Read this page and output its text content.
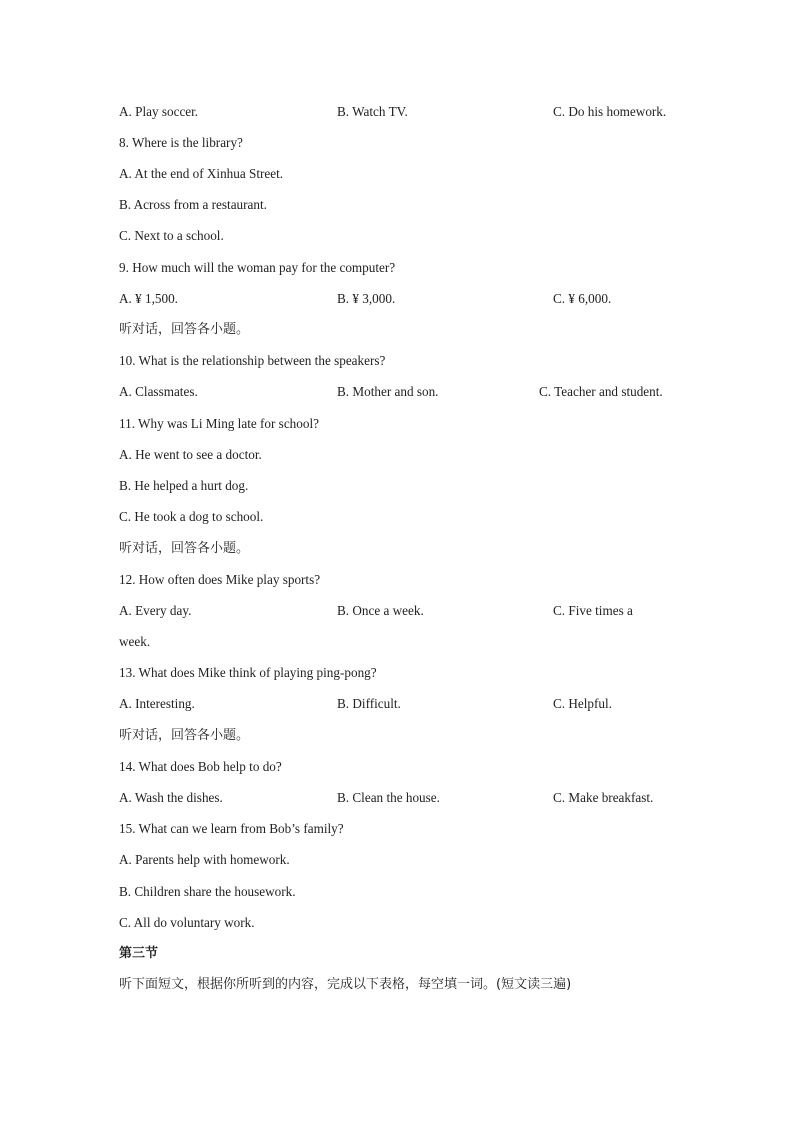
A. Play soccer.	B. Watch TV.	C. Do his homework.
8. Where is the library?
A. At the end of Xinhua Street.
B. Across from a restaurant.
C. Next to a school.
9. How much will the woman pay for the computer?
A. ¥ 1,500.	B. ¥ 3,000.	C. ¥ 6,000.
听对话，回答各小题。
10. What is the relationship between the speakers?
A. Classmates.	B. Mother and son.	C. Teacher and student.
11. Why was Li Ming late for school?
A. He went to see a doctor.
B. He helped a hurt dog.
C. He took a dog to school.
听对话，回答各小题。
12. How often does Mike play sports?
A. Every day.	B. Once a week.	C. Five times a
week.
13. What does Mike think of playing ping-pong?
A. Interesting.	B. Difficult.	C. Helpful.
听对话，回答各小题。
14. What does Bob help to do?
A. Wash the dishes.	B. Clean the house.	C. Make breakfast.
15. What can we learn from Bob’s family?
A. Parents help with homework.
B. Children share the housework.
C. All do voluntary work.
第三节
听下面短文，根据你所听到的内容，完成以下表格，每空填一词。(短文读三遍)
